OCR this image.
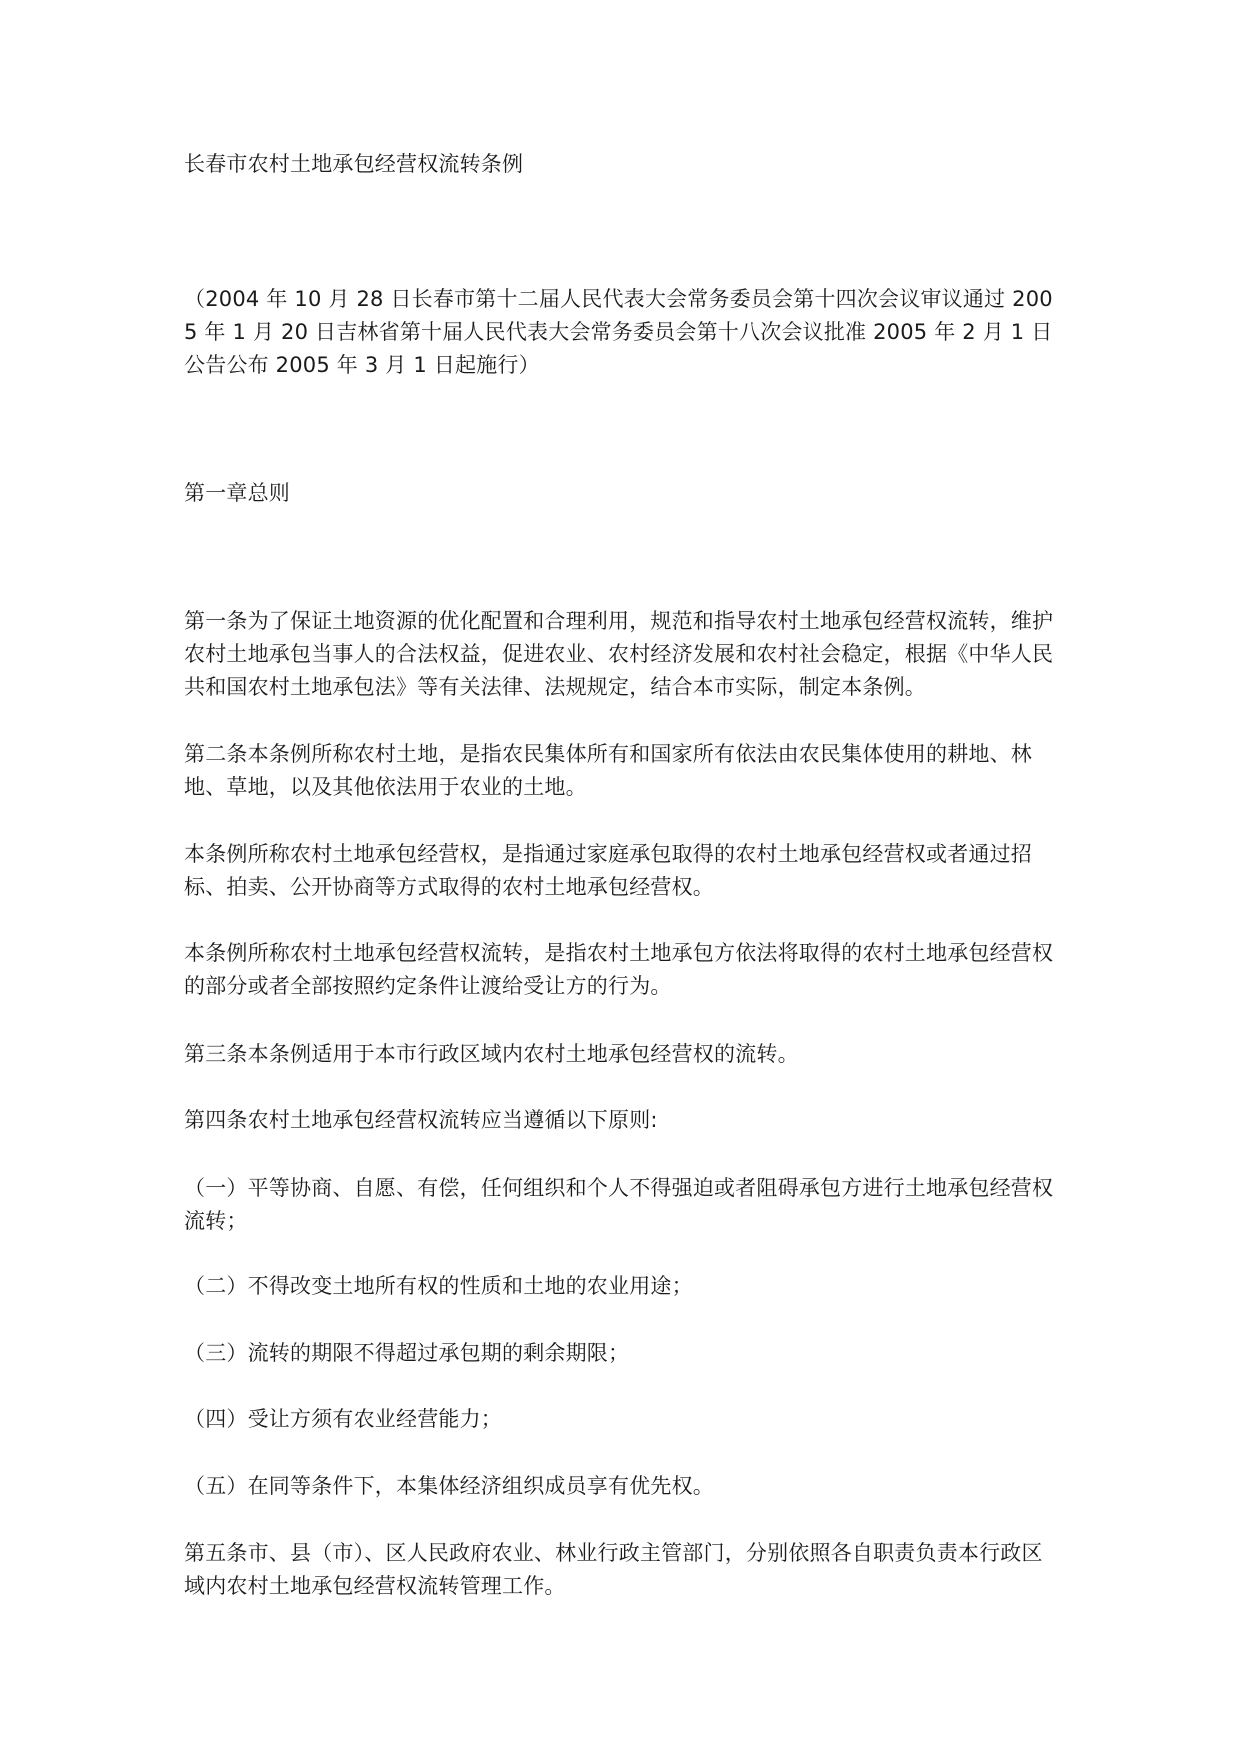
长春市农村土地承包经营权流转条例
（2004 年 10 月 28 日长春市第十二届人民代表大会常务委员会第十四次会议审议通过 2005 年 1 月 20 日吉林省第十届人民代表大会常务委员会第十八次会议批准 2005 年 2 月 1 日公告公布 2005 年 3 月 1 日起施行）
第一章总则
第一条为了保证土地资源的优化配置和合理利用，规范和指导农村土地承包经营权流转，维护农村土地承包当事人的合法权益，促进农业、农村经济发展和农村社会稳定，根据《中华人民共和国农村土地承包法》等有关法律、法规规定，结合本市实际，制定本条例。
第二条本条例所称农村土地，是指农民集体所有和国家所有依法由农民集体使用的耕地、林地、草地，以及其他依法用于农业的土地。
本条例所称农村土地承包经营权，是指通过家庭承包取得的农村土地承包经营权或者通过招标、拍卖、公开协商等方式取得的农村土地承包经营权。
本条例所称农村土地承包经营权流转，是指农村土地承包方依法将取得的农村土地承包经营权的部分或者全部按照约定条件让渡给受让方的行为。
第三条本条例适用于本市行政区域内农村土地承包经营权的流转。
第四条农村土地承包经营权流转应当遵循以下原则:
（一）平等协商、自愿、有偿，任何组织和个人不得强迫或者阻碍承包方进行土地承包经营权流转；
（二）不得改变土地所有权的性质和土地的农业用途；
（三）流转的期限不得超过承包期的剩余期限；
（四）受让方须有农业经营能力；
（五）在同等条件下，本集体经济组织成员享有优先权。
第五条市、县（市）、区人民政府农业、林业行政主管部门，分别依照各自职责负责本行政区域内农村土地承包经营权流转管理工作。
